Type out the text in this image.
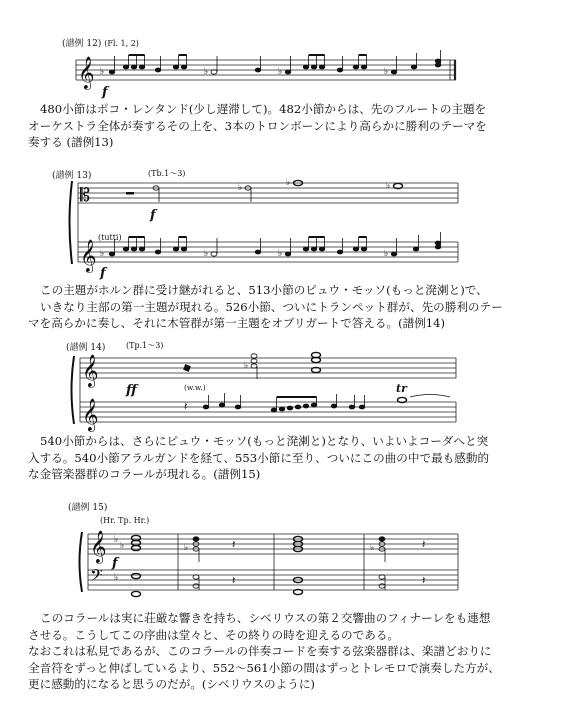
(譜例 12) (Fl. 1, 2)
𝄞 ♭	♭	♭	♭
f

480小節はポコ・レンタンド(少し遅滞して)。482小節からは、先のフルートの主題を
オーケストラ全体が奏するその上を、3本のトロンボーンにより高らかに勝利のテーマを
奏する (譜例13)

(譜例 13)	(Tb.1〜3)
(tutti)
𝄡
𝄞
♭	♭	♭
♭	♭	♭	♭
f
f

この主題がホルン群に受け継がれると、513小節のピュウ・モッソ(もっと溌溂と)で、
いきなり主部の第一主題が現れる。526小節、ついにトランペット群が、先の勝利のテー
マを高らかに奏し、それに木管群が第一主題をオブリガートで答える。(譜例14)

(譜例 14)	(Tp.1〜3)
(w.w.)
𝄞
𝄞
♭
𝄽
ff	tr

540小節からは、さらにピュウ・モッソ(もっと溌溂と)となり、いよいよコーダへと突
入する。540小節アラルガンドを経て、553小節に至り、ついにこの曲の中で最も感動的
な金管楽器群のコラールが現れる。(譜例15)

(譜例 15)
(Hr. Tp. Hr.)
𝄞
𝄢
♭
♭
♭
♭	𝄽
𝄽
♭	𝄽
𝄽
f

このコラールは実に荘厳な響きを持ち、シベリウスの第２交響曲のフィナーレをも連想
させる。こうしてこの序曲は堂々と、その終りの時を迎えるのである。
なおこれは私見であるが、このコラールの伴奏コードを奏する弦楽器群は、楽譜どおりに
全音符をずっと伸ばしているより、552〜561小節の間はずっとトレモロで演奏した方が、
更に感動的になると思うのだが。(シベリウスのように)
